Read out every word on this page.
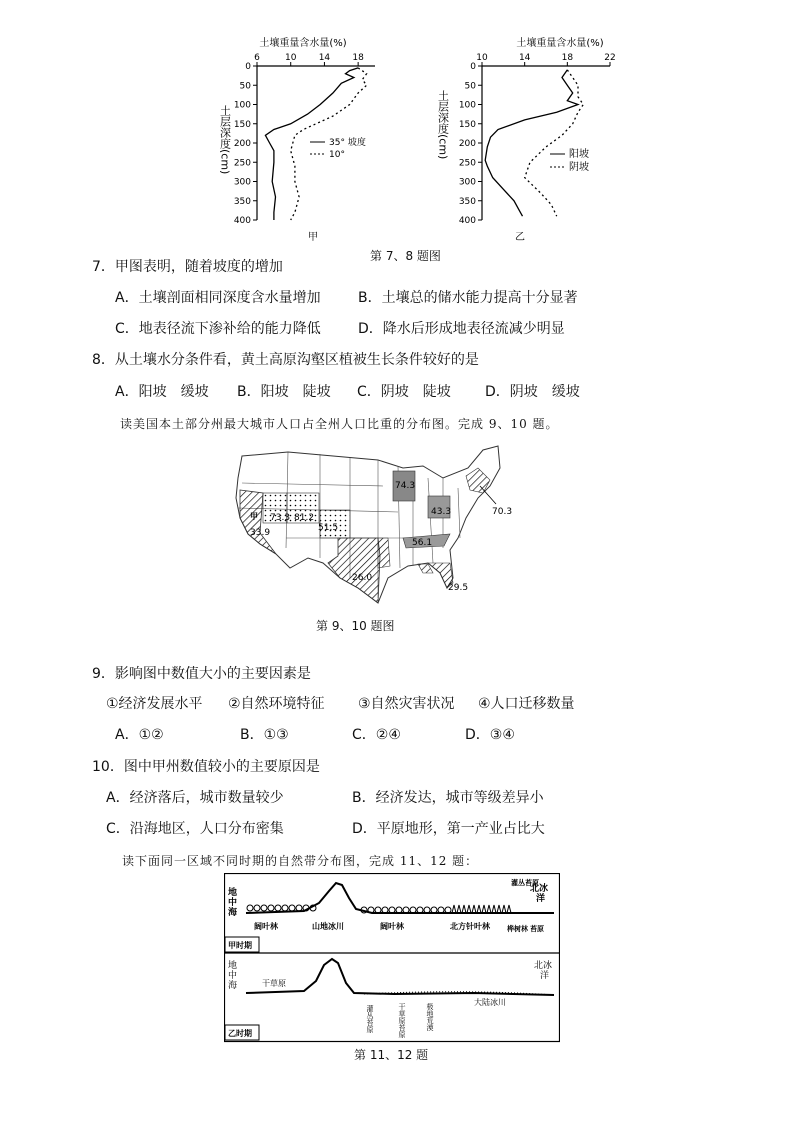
土壤重量含水量(%)
6	10 14 18
0
50
100
150
200
250
300
350
400
土层深度(cm)	35° 坡度
10°
甲
土壤重量含水量(%)
10	14	18	22
0
50
100
150
200
250
300
350
400
土层深度(cm)	阳坡
阴坡
乙
第 7、8 题图
7．甲图表明，随着坡度的增加
A．土壤剖面相同深度含水量增加	B．土壤总的储水能力提高十分显著
C．地表径流下渗补给的能力降低	D．降水后形成地表径流减少明显
8．从土壤水分条件看，黄土高原沟壑区植被生长条件较好的是
A．阳坡　缓坡 B．阳坡　陡坡 C．阴坡　陡坡 D．阴坡　缓坡
读美国本土部分州最大城市人口占全州人口比重的分布图。完成 9、10 题。
甲
74.3
73.3 81.2
51.5
33.9
43.3	70.3
56.1
26.0
29.5
第 9、10 题图
9．影响图中数值大小的主要因素是
①经济发展水平 ②自然环境特征 ③自然灾害状况 ④人口迁移数量
A．①②	B．①③	C．②④	D．③④
10．图中甲州数值较小的主要原因是
A．经济落后，城市数量较少	B．经济发达，城市等级差异小
C．沿海地区，人口分布密集	D．平原地形，第一产业占比大
读下面同一区域不同时期的自然带分布图，完成 11、12 题：
地
中
海
北冰
洋
灌丛苔原
阔叶林	山地冰川	阔叶林	北方针叶林 桦树林 苔原
甲时期
地
中
海
北冰
洋
干草原
大陆冰川
灌丛苔原	干草原苔原	极地荒漠
乙时期
第 11、12 题
